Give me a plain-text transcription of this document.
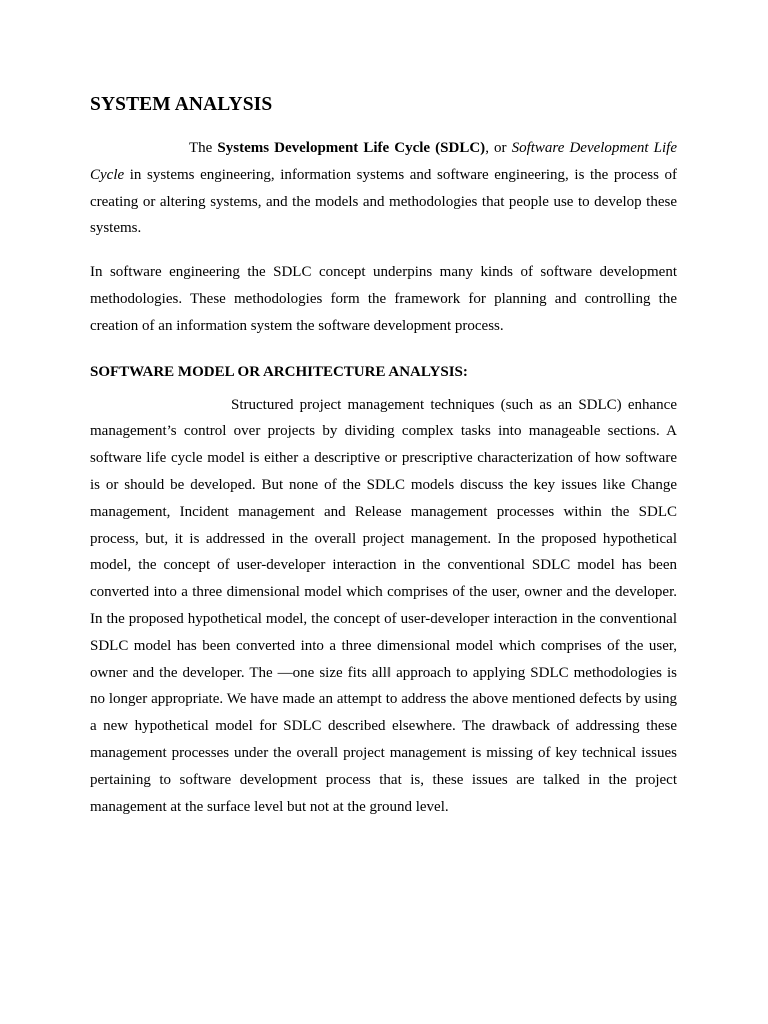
SYSTEM ANALYSIS

The Systems Development Life Cycle (SDLC), or Software Development Life Cycle in systems engineering, information systems and software engineering, is the process of creating or altering systems, and the models and methodologies that people use to develop these systems.

In software engineering the SDLC concept underpins many kinds of software development methodologies. These methodologies form the framework for planning and controlling the creation of an information system the software development process.

SOFTWARE MODEL OR ARCHITECTURE ANALYSIS:

Structured project management techniques (such as an SDLC) enhance management’s control over projects by dividing complex tasks into manageable sections. A software life cycle model is either a descriptive or prescriptive characterization of how software is or should be developed. But none of the SDLC models discuss the key issues like Change management, Incident management and Release management processes within the SDLC process, but, it is addressed in the overall project management. In the proposed hypothetical model, the concept of user-developer interaction in the conventional SDLC model has been converted into a three dimensional model which comprises of the user, owner and the developer. In the proposed hypothetical model, the concept of user-developer interaction in the conventional SDLC model has been converted into a three dimensional model which comprises of the user, owner and the developer. The ―one size fits all‖ approach to applying SDLC methodologies is no longer appropriate. We have made an attempt to address the above mentioned defects by using a new hypothetical model for SDLC described elsewhere. The drawback of addressing these management processes under the overall project management is missing of key technical issues pertaining to software development process that is, these issues are talked in the project management at the surface level but not at the ground level.
